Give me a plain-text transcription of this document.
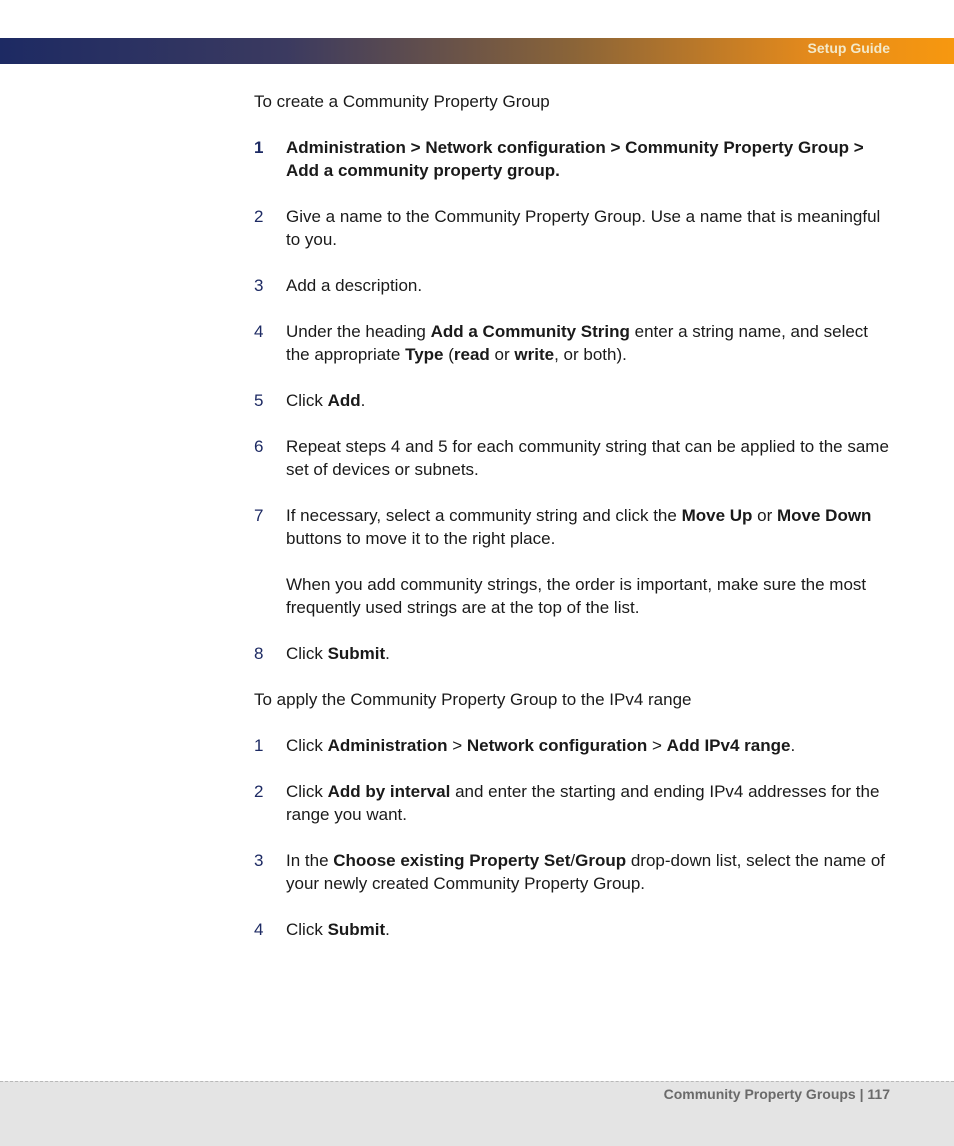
Setup Guide

To create a Community Property Group

1	Administration > Network configuration > Community Property Group > Add a community property group.
2	Give a name to the Community Property Group. Use a name that is meaningful to you.
3	Add a description.
4	Under the heading Add a Community String enter a string name, and select the appropriate Type (read or write, or both).
5	Click Add.
6	Repeat steps 4 and 5 for each community string that can be applied to the same set of devices or subnets.
7	If necessary, select a community string and click the Move Up or Move Down buttons to move it to the right place.
When you add community strings, the order is important, make sure the most frequently used strings are at the top of the list.
8	Click Submit.

To apply the Community Property Group to the IPv4 range

1	Click Administration > Network configuration > Add IPv4 range.
2	Click Add by interval and enter the starting and ending IPv4 addresses for the range you want.
3	In the Choose existing Property Set/Group drop-down list, select the name of your newly created Community Property Group.
4	Click Submit.
Community Property Groups | 117
